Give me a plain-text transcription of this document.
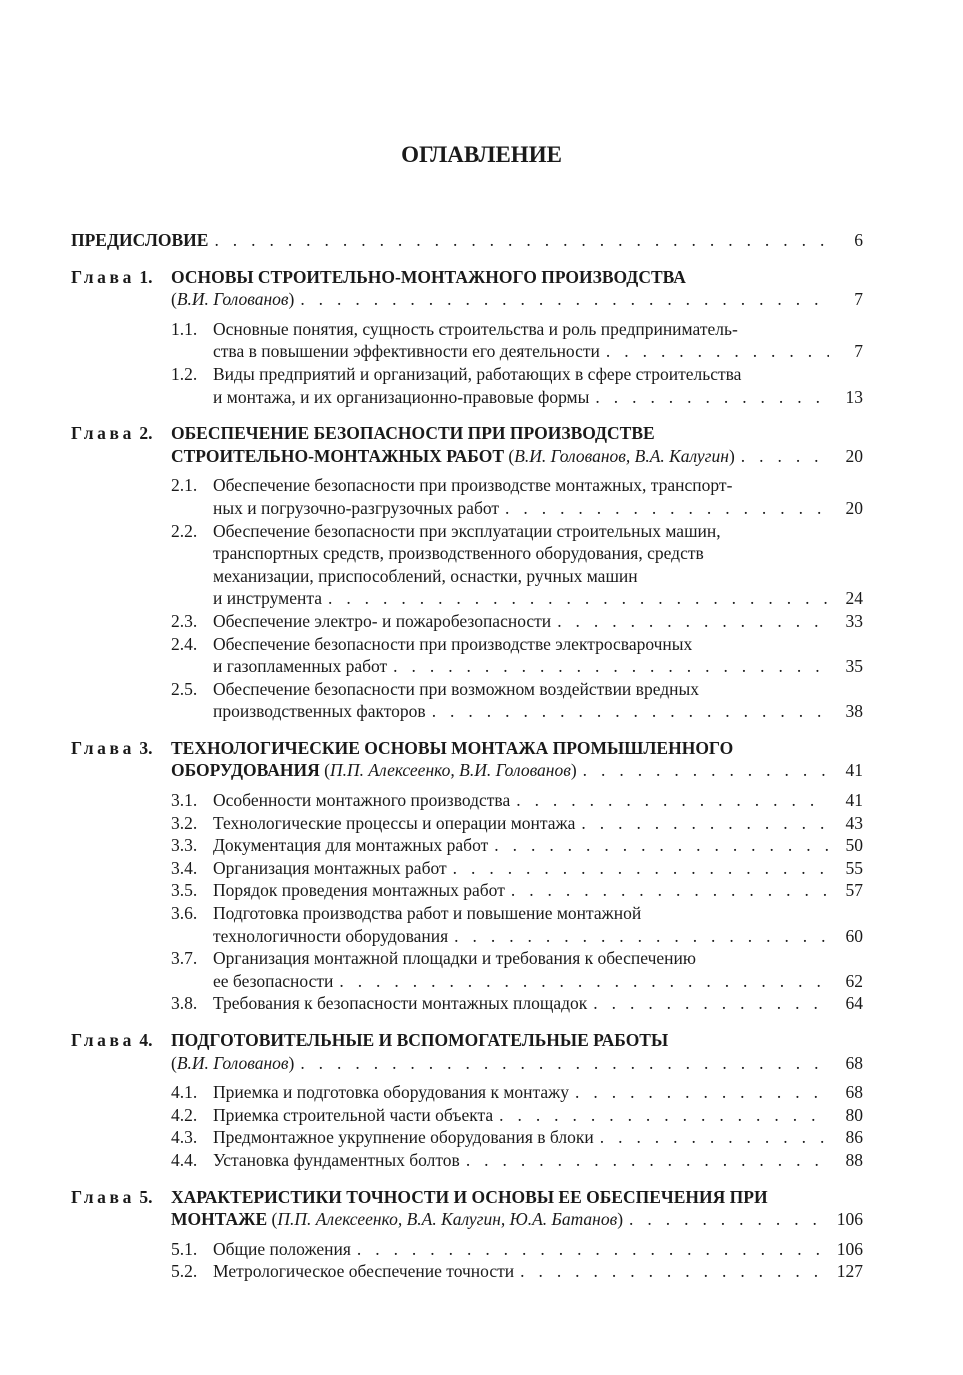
ОГЛАВЛЕНИЕ
ПРЕДИСЛОВИЕ . . .	6
Глава 1.	ОСНОВЫ СТРОИТЕЛЬНО-МОНТАЖНОГО ПРОИЗВОДСТВА
(В.И. Голованов) . . .	7
1.1. Основные понятия, сущность строительства и роль предприниматель-
ства в повышении эффективности его деятельности . . .	7
1.2. Виды предприятий и организаций, работающих в сфере строительства
и монтажа, и их организационно-правовые формы . . .	13
Глава 2.	ОБЕСПЕЧЕНИЕ БЕЗОПАСНОСТИ ПРИ ПРОИЗВОДСТВЕ
СТРОИТЕЛЬНО-МОНТАЖНЫХ РАБОТ (В.И. Голованов, В.А. Калугин) . . .	20
2.1. Обеспечение безопасности при производстве монтажных, транспорт-
ных и погрузочно-разгрузочных работ . . .	20
2.2. Обеспечение безопасности при эксплуатации строительных машин,
транспортных средств, производственного оборудования, средств
механизации, приспособлений, оснастки, ручных машин
и инструмента . . .	24
2.3. Обеспечение электро- и пожаробезопасности . . .	33
2.4. Обеспечение безопасности при производстве электросварочных
и газопламенных работ . . .	35
2.5. Обеспечение безопасности при возможном воздействии вредных
производственных факторов . . .	38
Глава 3.	ТЕХНОЛОГИЧЕСКИЕ ОСНОВЫ МОНТАЖА ПРОМЫШЛЕННОГО
ОБОРУДОВАНИЯ (П.П. Алексеенко, В.И. Голованов) . . .	41
3.1. Особенности монтажного производства . . .	41
3.2. Технологические процессы и операции монтажа . . .	43
3.3. Документация для монтажных работ . . .	50
3.4. Организация монтажных работ . . .	55
3.5. Порядок проведения монтажных работ . . .	57
3.6. Подготовка производства работ и повышение монтажной
технологичности оборудования . . .	60
3.7. Организация монтажной площадки и требования к обеспечению
ее безопасности . . .	62
3.8. Требования к безопасности монтажных площадок . . .	64
Глава 4.	ПОДГОТОВИТЕЛЬНЫЕ И ВСПОМОГАТЕЛЬНЫЕ РАБОТЫ
(В.И. Голованов) . . .	68
4.1. Приемка и подготовка оборудования к монтажу . . .	68
4.2. Приемка строительной части объекта . . .	80
4.3. Предмонтажное укрупнение оборудования в блоки . . .	86
4.4. Установка фундаментных болтов . . .	88
Глава 5.	ХАРАКТЕРИСТИКИ ТОЧНОСТИ И ОСНОВЫ ЕЕ ОБЕСПЕЧЕНИЯ ПРИ
МОНТАЖЕ (П.П. Алексеенко, В.А. Калугин, Ю.А. Батанов) . . .	106
5.1. Общие положения . . .	106
5.2. Метрологическое обеспечение точности . . .	127
